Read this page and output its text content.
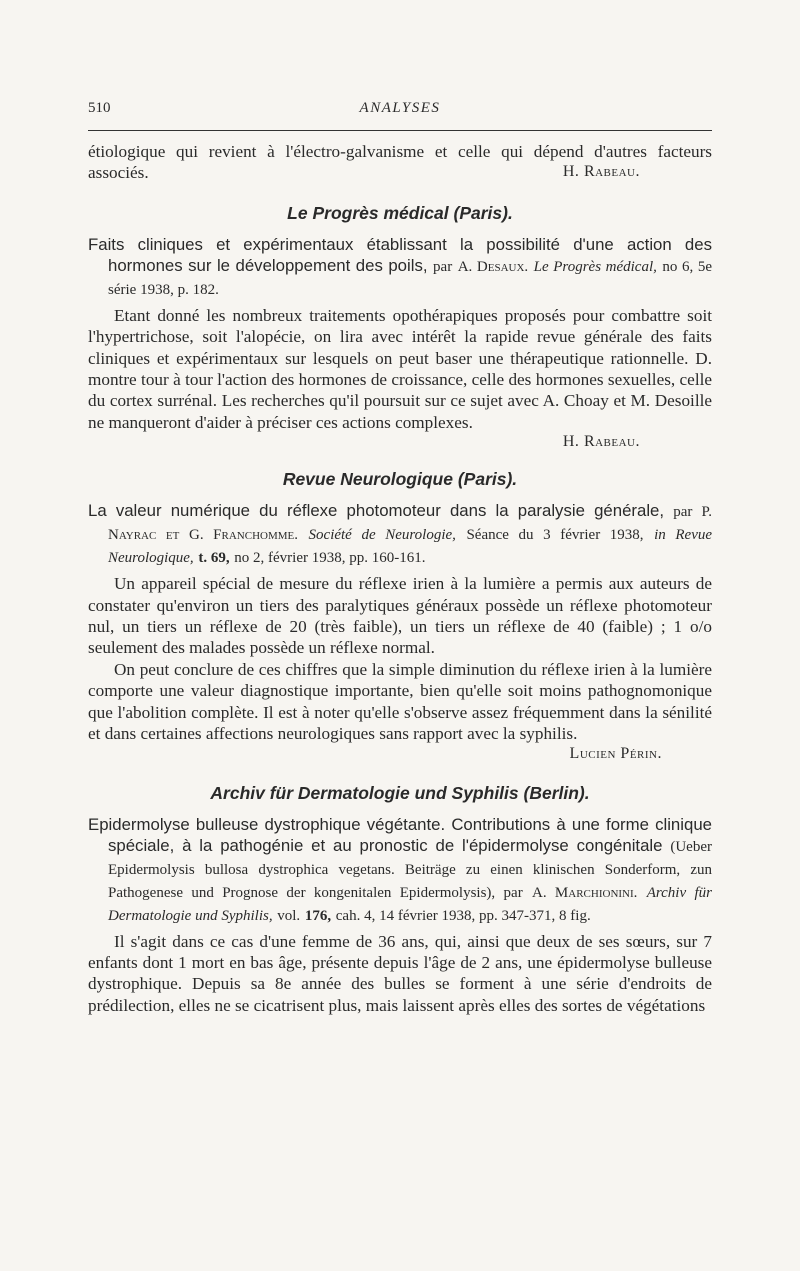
510	ANALYSES

étiologique qui revient à l'électro-galvanisme et celle qui dépend d'autres facteurs associés.	H. Rabeau.

Le Progrès médical (Paris).

Faits cliniques et expérimentaux établissant la possibilité d'une action des hormones sur le développement des poils, par A. Desaux. Le Progrès médical, no 6, 5e série 1938, p. 182.

Etant donné les nombreux traitements opothérapiques proposés pour combattre soit l'hypertrichose, soit l'alopécie, on lira avec intérêt la rapide revue générale des faits cliniques et expérimentaux sur lesquels on peut baser une thérapeutique rationnelle. D. montre tour à tour l'action des hormones de croissance, celle des hormones sexuelles, celle du cortex surrénal. Les recherches qu'il poursuit sur ce sujet avec A. Choay et M. Desoille ne manqueront d'aider à préciser ces actions complexes.

H. Rabeau.

Revue Neurologique (Paris).

La valeur numérique du réflexe photomoteur dans la paralysie générale, par P. Nayrac et G. Franchomme. Société de Neurologie, Séance du 3 février 1938, in Revue Neurologique, t. 69, no 2, février 1938, pp. 160-161.

Un appareil spécial de mesure du réflexe irien à la lumière a permis aux auteurs de constater qu'environ un tiers des paralytiques généraux possède un réflexe photomoteur nul, un tiers un réflexe de 20 (très faible), un tiers un réflexe de 40 (faible) ; 1 o/o seulement des malades possède un réflexe normal.

On peut conclure de ces chiffres que la simple diminution du réflexe irien à la lumière comporte une valeur diagnostique importante, bien qu'elle soit moins pathognomonique que l'abolition complète. Il est à noter qu'elle s'observe assez fréquemment dans la sénilité et dans certaines affections neurologiques sans rapport avec la syphilis.

Lucien Périn.

Archiv für Dermatologie und Syphilis (Berlin).

Epidermolyse bulleuse dystrophique végétante. Contributions à une forme clinique spéciale, à la pathogénie et au pronostic de l'épidermolyse congénitale (Ueber Epidermolysis bullosa dystrophica vegetans. Beiträge zu einen klinischen Sonderform, zun Pathogenese und Prognose der kongenitalen Epidermolysis), par A. Marchionini. Archiv für Dermatologie und Syphilis, vol. 176, cah. 4, 14 février 1938, pp. 347-371, 8 fig.

Il s'agit dans ce cas d'une femme de 36 ans, qui, ainsi que deux de ses sœurs, sur 7 enfants dont 1 mort en bas âge, présente depuis l'âge de 2 ans, une épidermolyse bulleuse dystrophique. Depuis sa 8e année des bulles se forment à une série d'endroits de prédilection, elles ne se cicatrisent plus, mais laissent après elles des sortes de végétations
